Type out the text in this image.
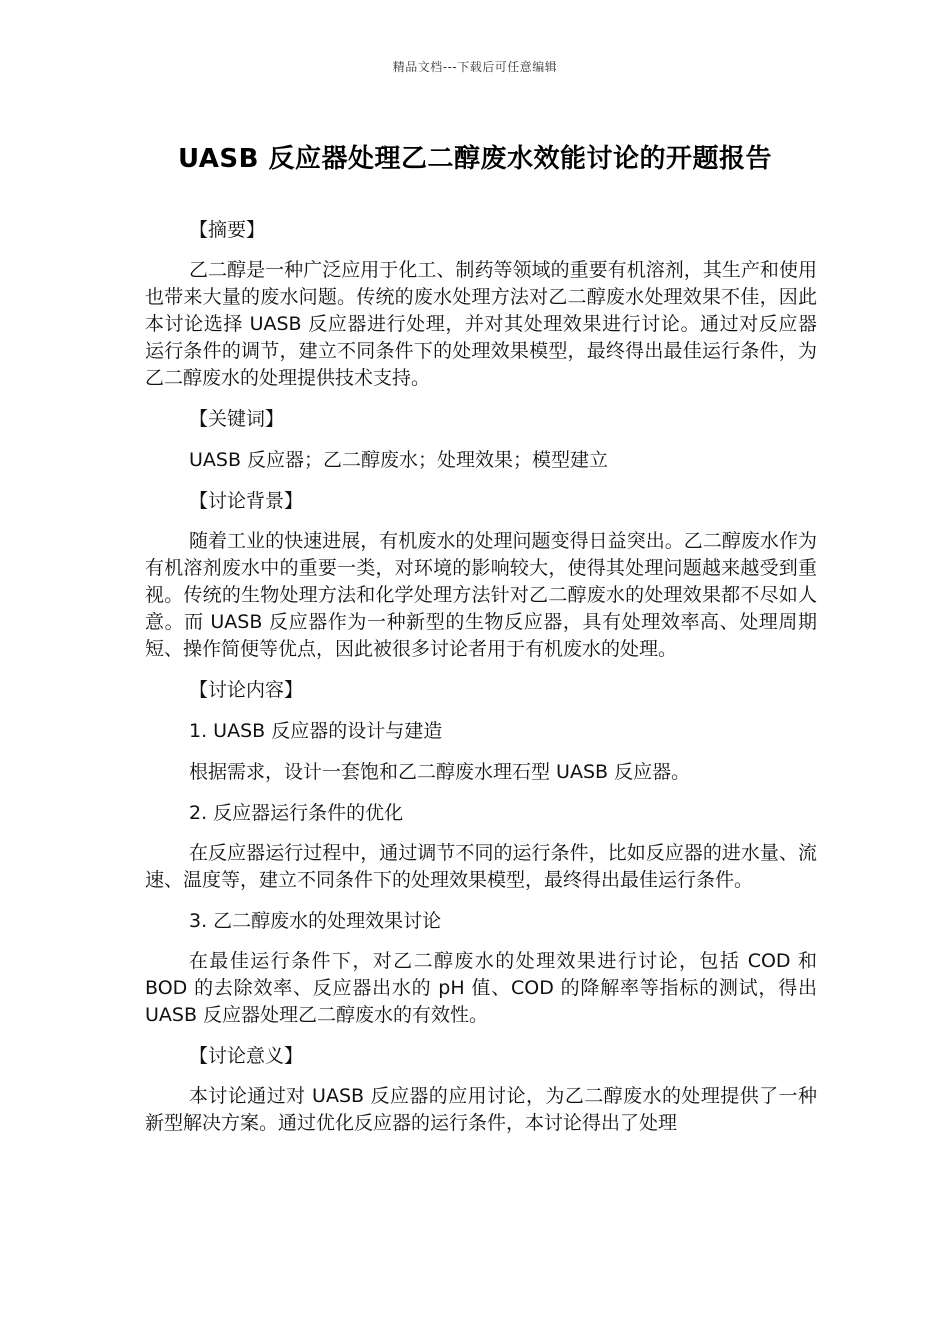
精品文档---下载后可任意编辑
UASB 反应器处理乙二醇废水效能讨论的开题报告

【摘要】

乙二醇是一种广泛应用于化工、制药等领域的重要有机溶剂，其生产和使用也带来大量的废水问题。传统的废水处理方法对乙二醇废水处理效果不佳，因此本讨论选择 UASB 反应器进行处理，并对其处理效果进行讨论。通过对反应器运行条件的调节，建立不同条件下的处理效果模型，最终得出最佳运行条件，为乙二醇废水的处理提供技术支持。

【关键词】

UASB 反应器；乙二醇废水；处理效果；模型建立

【讨论背景】

随着工业的快速进展，有机废水的处理问题变得日益突出。乙二醇废水作为有机溶剂废水中的重要一类，对环境的影响较大，使得其处理问题越来越受到重视。传统的生物处理方法和化学处理方法针对乙二醇废水的处理效果都不尽如人意。而 UASB 反应器作为一种新型的生物反应器，具有处理效率高、处理周期短、操作简便等优点，因此被很多讨论者用于有机废水的处理。

【讨论内容】

1. UASB 反应器的设计与建造

根据需求，设计一套饱和乙二醇废水理石型 UASB 反应器。

2. 反应器运行条件的优化

在反应器运行过程中，通过调节不同的运行条件，比如反应器的进水量、流速、温度等，建立不同条件下的处理效果模型，最终得出最佳运行条件。

3. 乙二醇废水的处理效果讨论

在最佳运行条件下，对乙二醇废水的处理效果进行讨论，包括 COD 和 BOD 的去除效率、反应器出水的 pH 值、COD 的降解率等指标的测试，得出 UASB 反应器处理乙二醇废水的有效性。

【讨论意义】

本讨论通过对 UASB 反应器的应用讨论，为乙二醇废水的处理提供了一种新型解决方案。通过优化反应器的运行条件，本讨论得出了处理
